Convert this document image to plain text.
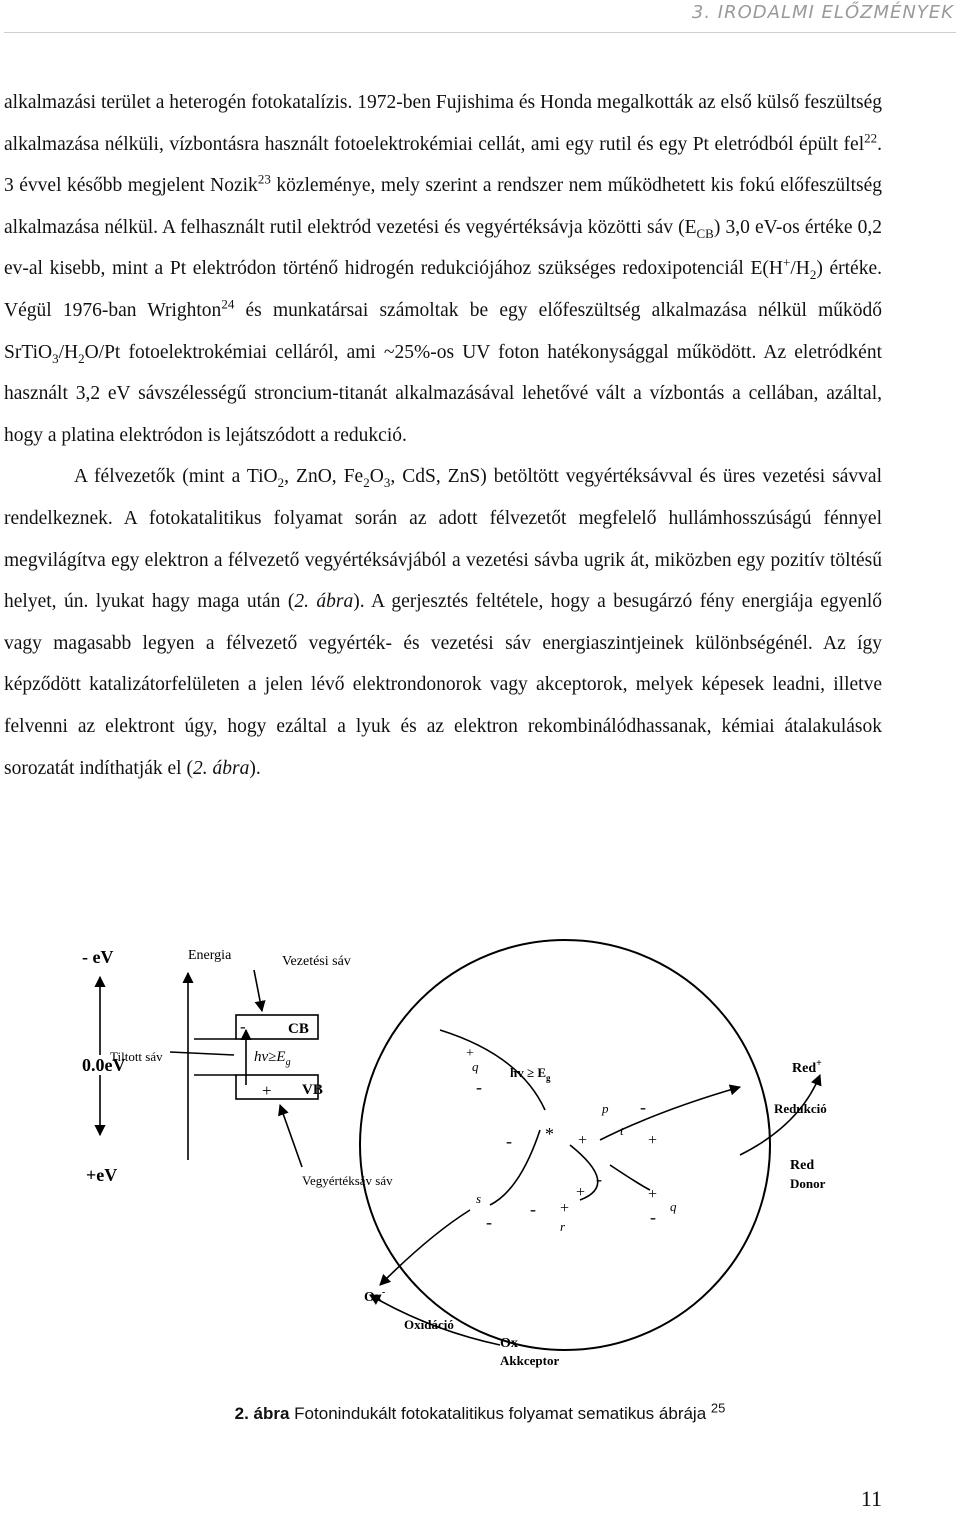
3. IRODALMI ELŐZMÉNYEK

alkalmazási terület a heterogén fotokatalízis. 1972-ben Fujishima és Honda megalkották az első külső feszültség alkalmazása nélküli, vízbontásra használt fotoelektrokémiai cellát, ami egy rutil és egy Pt eletródból épült fel$^{22}$. 3 évvel később megjelent Nozik$^{23}$ közleménye, mely szerint a rendszer nem működhetett kis fokú előfeszültség alkalmazása nélkül. A felhasznált rutil elektród vezetési és vegyértéksávja közötti sáv $(E_{CB})$ 3,0 eV-os értéke 0,2 ev-al kisebb, mint a Pt elektródon történő hidrogén redukciójához szükséges redoxipotenciál $E(H^+/H_2)$ értéke. Végül 1976-ban Wrighton$^{24}$ és munkatársai számoltak be egy előfeszültség alkalmazása nélkül működő $SrTiO_3/H_2O/Pt$ fotoelektrokémiai celláról, ami ~25%-os UV foton hatékonysággal működött. Az eletródként használt 3,2 eV sávszélességű stroncium-titanát alkalmazásával lehetővé vált a vízbontás a cellában, azáltal, hogy a platina elektródon is lejátszódott a redukció.

A félvezetők (mint a TiO$_2$, ZnO, $Fe_2O_3$, CdS, ZnS) betöltött vegyértéksávval és üres vezetési sávval rendelkeznek. A fotokatalitikus folyamat során az adott félvezetőt megfelelő hullámhosszúságú fénnyel megvilágítva egy elektron a félvezető vegyértéksávjából a vezetési sávba ugrik át, miközben egy pozitív töltésű helyet, ún. lyukat hagy maga után (2. ábra). A gerjesztés feltétele, hogy a besugárzó fény energiája egyenlő vagy magasabb legyen a félvezető vegyérték- és vezetési sáv energiaszintjeinek különbségénél. Az így képződött katalizátorfelületen a jelen lévő elektrondonorok vagy akceptorok, melyek képesek leadni, illetve felvenni az elektront úgy, hogy ezáltal a lyuk és az elektron rekombinálódhassanak, kémiai átalakulások sorozatát indíthatják el (2. ábra).

- eV
0.0eV
+eV
Energia	Vezetési sáv
Tiltott sáv
CB
VB
$hv\ge E_g$
-
+
Vegyértéksáv sáv
hv ≥ $E_g$
+
q
-
* +
p
t
+
-
s
-
- +
r
+	+
-
q
-
-
Red+
Redukció
Red
Donor
Ox-
Oxidáció
Ox
Akkceptor
2. ábra Fotonindukált fotokatalitikus folyamat sematikus ábrája $^{25}$
11
